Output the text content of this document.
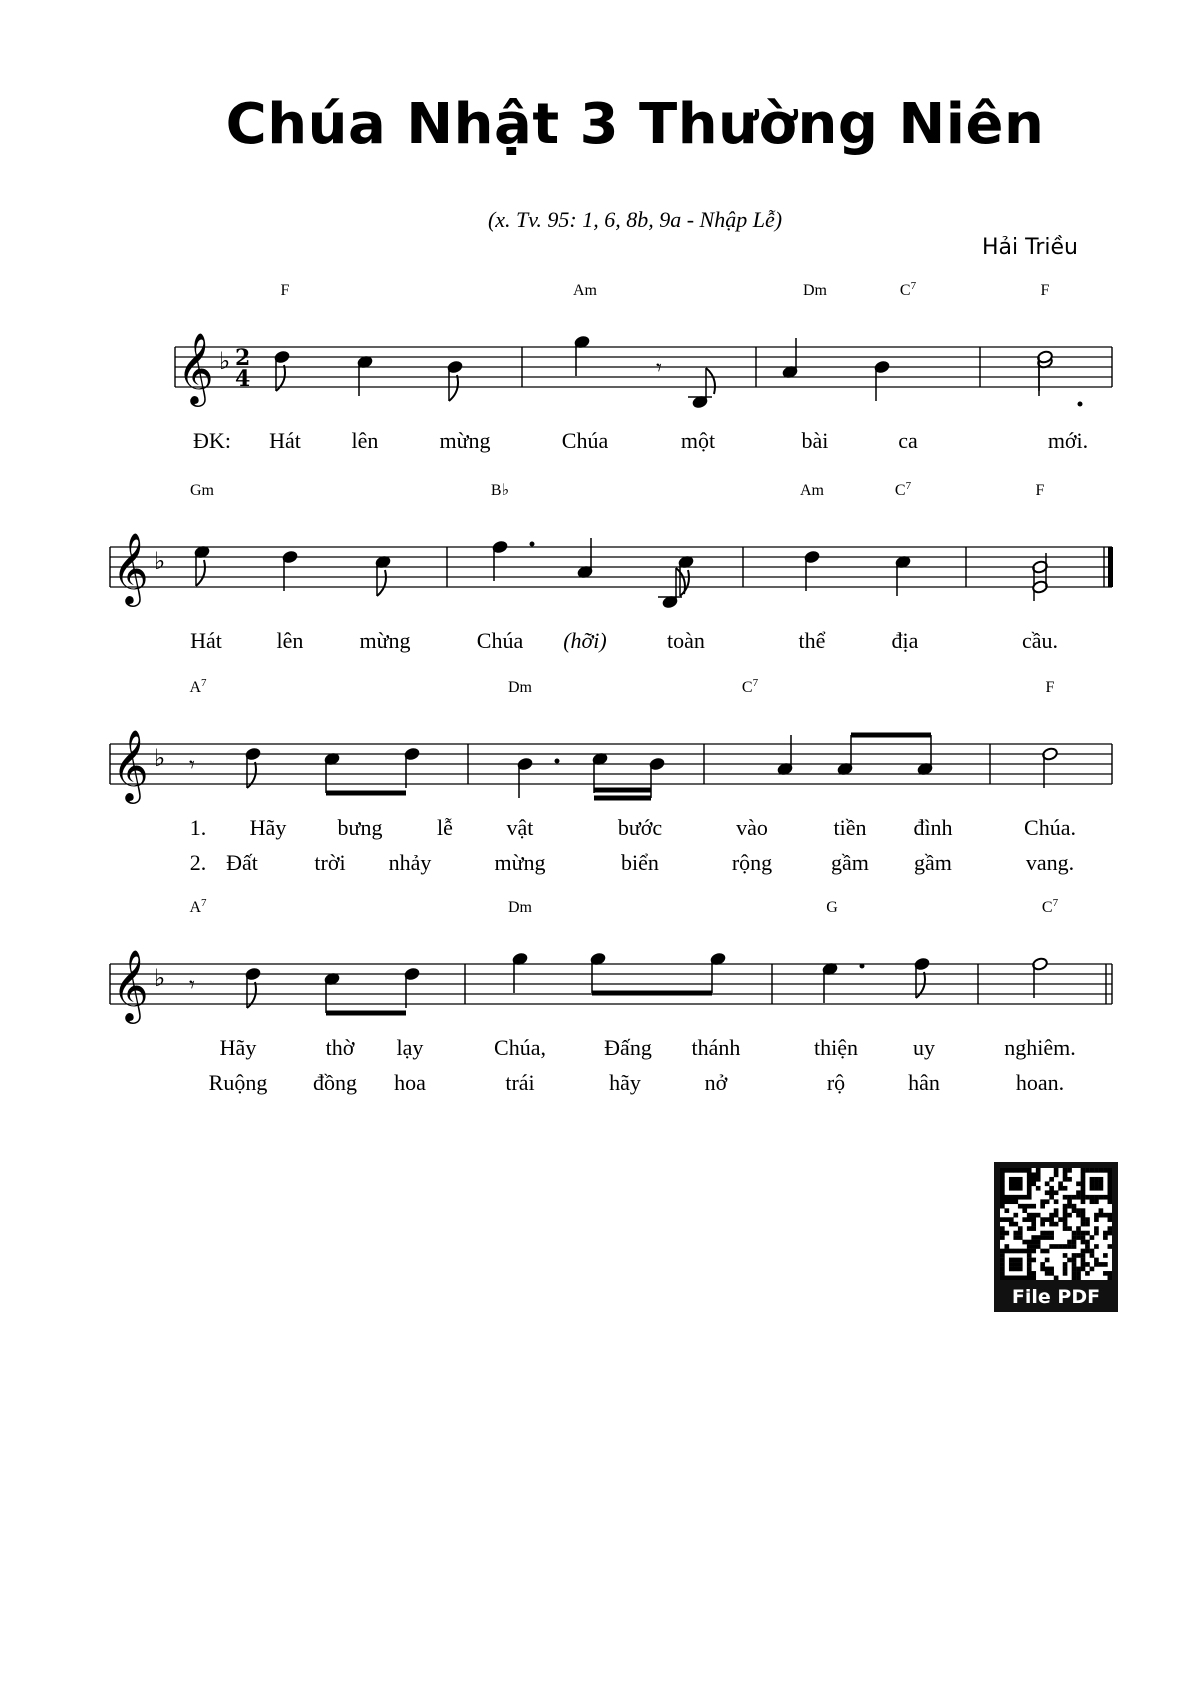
Chúa Nhật 3 Thường Niên
(x. Tv. 95: 1, 6, 8b, 9a - Nhập Lễ)
Hải Triều
𝄞 ♭ 2
4	𝄾
F	Am	Dm	$C^7$	F
ĐK: Hát lên	mừng	Chúa	một	bài	ca	mới.
𝄞 ♭
Gm	B♭	Am	$C^7$	F
Hát lên	mừng	Chúa (hỡi)	toàn	thể	địa	cầu.
𝄞 ♭ 𝄾
$A^7$	Dm	$C^7$	F
1. Hãy bưng lễ vật	bước	vào	tiền đình	Chúa.
2. Đất	trời nhảy	mừng	biển	rộng	gầm gầm	vang.
𝄞 ♭ 𝄾
$A^7$	Dm	G	$C^7$
Hãy	thờ lạy	Chúa,	Đấng thánh	thiện	uy	nghiêm.
Ruộng đồng hoa	trái	hãy	nở	rộ	hân	hoan.
File PDF
